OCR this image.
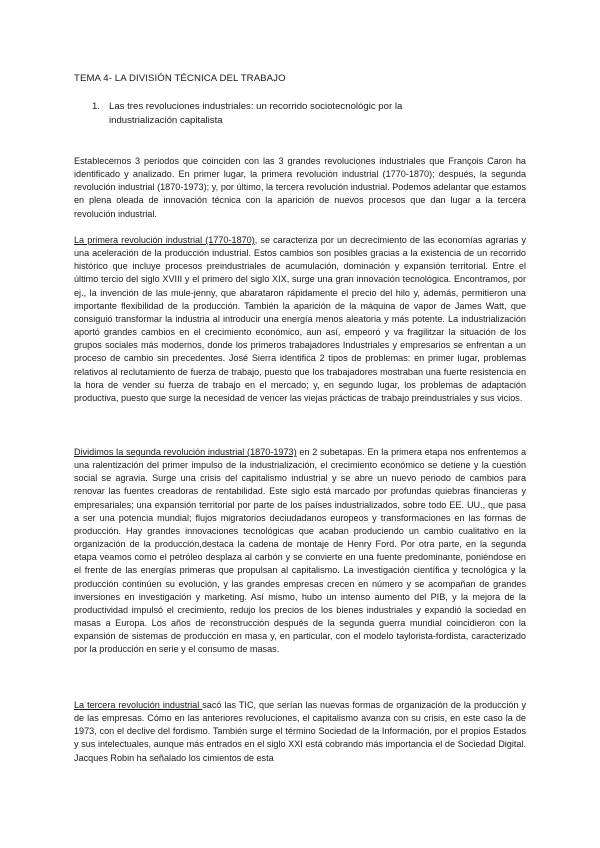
TEMA 4- LA DIVISIÓN TÉCNICA DEL TRABAJO
1. Las tres revoluciones industriales: un recorrido sociotecnológic por la industrialización capitalista

Establecemos 3 periodos que coinciden con las 3 grandes revoluciones industriales que François Caron ha identificado y analizado. En primer lugar, la primera revolución industrial (1770-1870); después, la segunda revolución industrial (1870-1973); y, por último, la tercera revolución industrial. Podemos adelantar que estamos en plena oleada de innovación técnica con la aparición de nuevos procesos que dan lugar a la tercera revolución industrial.

La primera revolución industrial (1770-1870), se caracteriza por un decrecimiento de las economías agrarias y una aceleración de la producción industrial. Estos cambios son posibles gracias a la existencia de un recorrido histórico que incluye procesos preindustriales de acumulación, dominación y expansión territorial. Entre el último tercio del siglo XVIII y el primero del siglo XIX, surge una gran innovación tecnológica. Encontramos, por ej., la invención de las mule-jenny, que abarataron rápidamente el precio del hilo y, además, permitieron una importante flexibilidad de la producción. También la aparición de la máquina de vapor de James Watt, que consiguió transformar la industria al introducir una energía menos aleatoria y más potente. La industrialización aportó grandes cambios en el crecimiento económico, aun así, empeoró y va fragilitzar la situación de los grupos sociales más modernos, donde los primeros trabajadores Industriales y empresarios se enfrentan a un proceso de cambio sin precedentes. José Sierra identifica 2 tipos de problemas: en primer lugar, problemas relativos al reclutamiento de fuerza de trabajo, puesto que los trabajadores mostraban una fuerte resistencia en la hora de vender su fuerza de trabajo en el mercado; y, en segundo lugar, los problemas de adaptación productiva, puesto que surge la necesidad de vencer las viejas prácticas de trabajo preindustriales y sus vicios.

Dividimos la segunda revolución industrial (1870-1973) en 2 subetapas. En la primera etapa nos enfrentemos a una ralentización del primer impulso de la industrialización, el crecimiento económico se detiene y la cuestión social se agravia. Surge una crisis del capitalismo industrial y se abre un nuevo periodo de cambios para renovar las fuentes creadoras de rentabilidad. Este siglo está marcado por profundas quiebras financieras y empresariales; una expansión territorial por parte de los países industrializados, sobre todo EE. UU., que pasa a ser una potencia mundial; flujos migratorios deciudadanos europeos y transformaciones en las formas de producción. Hay grandes innovaciones tecnológicas que acaban produciendo un cambio cualitativo en la organización de la producción,destaca la cadena de montaje de Henry Ford. Por otra parte, en la segunda etapa veamos como el petróleo desplaza al carbón y se convierte en una fuente predominante, poniéndose en el frente de las energías primeras que propulsan al capitalismo. La investigación científica y tecnológica y la producción continúen su evolución, y las grandes empresas crecen en número y se acompañan de grandes inversiones en investigación y marketing. Así mismo, hubo un intenso aumento del PIB, y la mejora de la productividad impulsó el crecimiento, redujo los precios de los bienes industriales y expandió la sociedad en masas a Europa. Los años de reconstrucción después de la segunda guerra mundial coincidieron con la expansión de sistemas de producción en masa y, en particular, con el modelo taylorista-fordista, caracterizado por la producción en serie y el consumo de masas.

La tercera revolución industrial sacó las TIC, que serían las nuevas formas de organización de la producción y de las empresas. Cómo en las anteriores revoluciones, el capitalismo avanza con su crisis, en este caso la de 1973, con el declive del fordismo. También surge el término Sociedad de la Información, por el propios Estados y sus intelectuales, aunque más entrados en el siglo XXI está cobrando más importancia el de Sociedad Digital. Jacques Robin ha señalado los cimientos de esta
